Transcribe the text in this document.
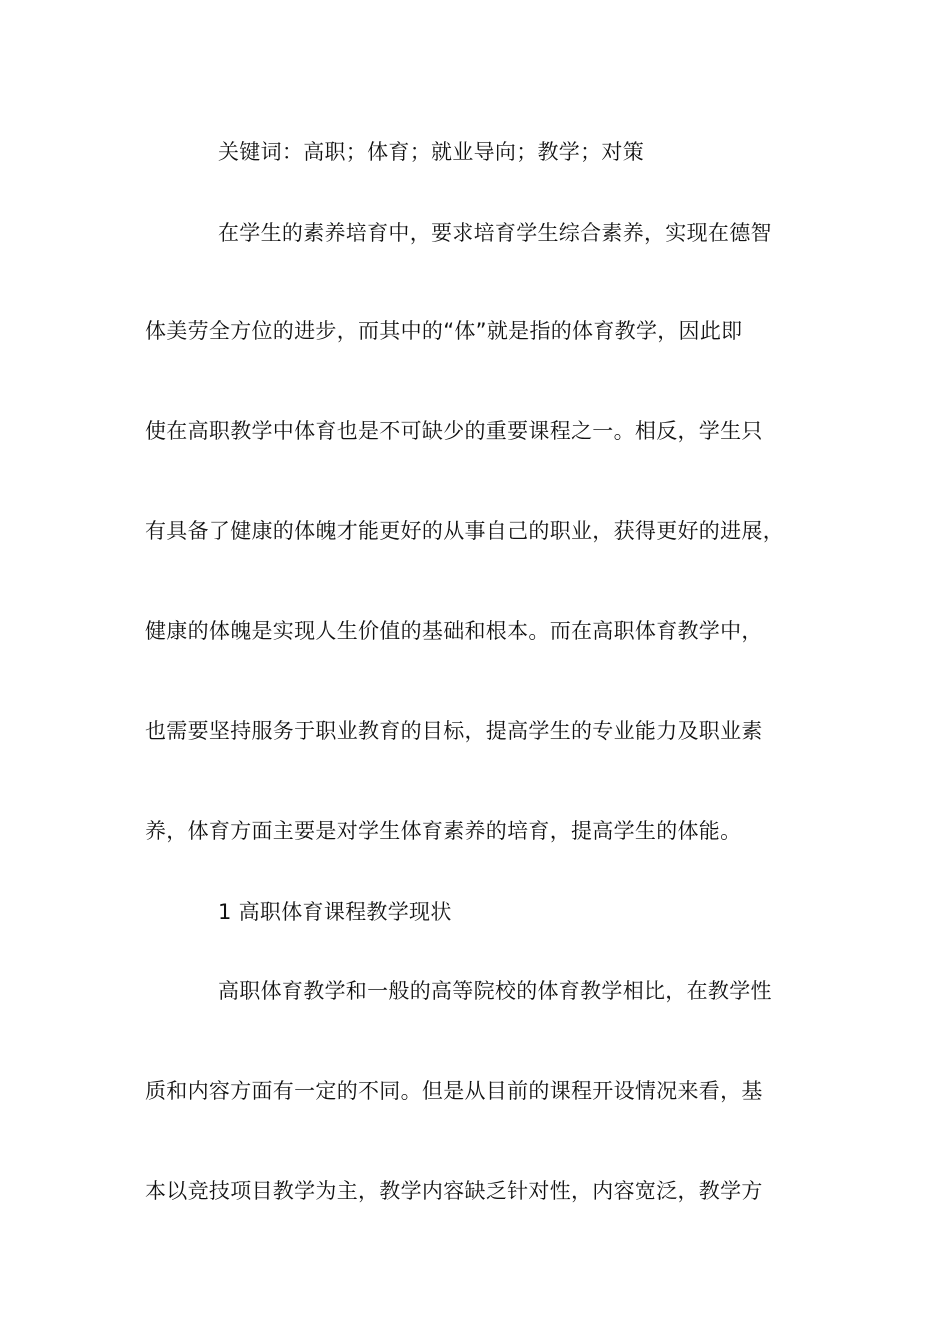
关键词：高职；体育；就业导向；教学；对策

在学生的素养培育中，要求培育学生综合素养，实现在德智

体美劳全方位的进步，而其中的“体”就是指的体育教学，因此即

使在高职教学中体育也是不可缺少的重要课程之一。相反，学生只

有具备了健康的体魄才能更好的从事自己的职业，获得更好的进展，

健康的体魄是实现人生价值的基础和根本。而在高职体育教学中，

也需要坚持服务于职业教育的目标，提高学生的专业能力及职业素

养，体育方面主要是对学生体育素养的培育，提高学生的体能。

1 高职体育课程教学现状

高职体育教学和一般的高等院校的体育教学相比，在教学性

质和内容方面有一定的不同。但是从目前的课程开设情况来看，基

本以竞技项目教学为主，教学内容缺乏针对性，内容宽泛，教学方
